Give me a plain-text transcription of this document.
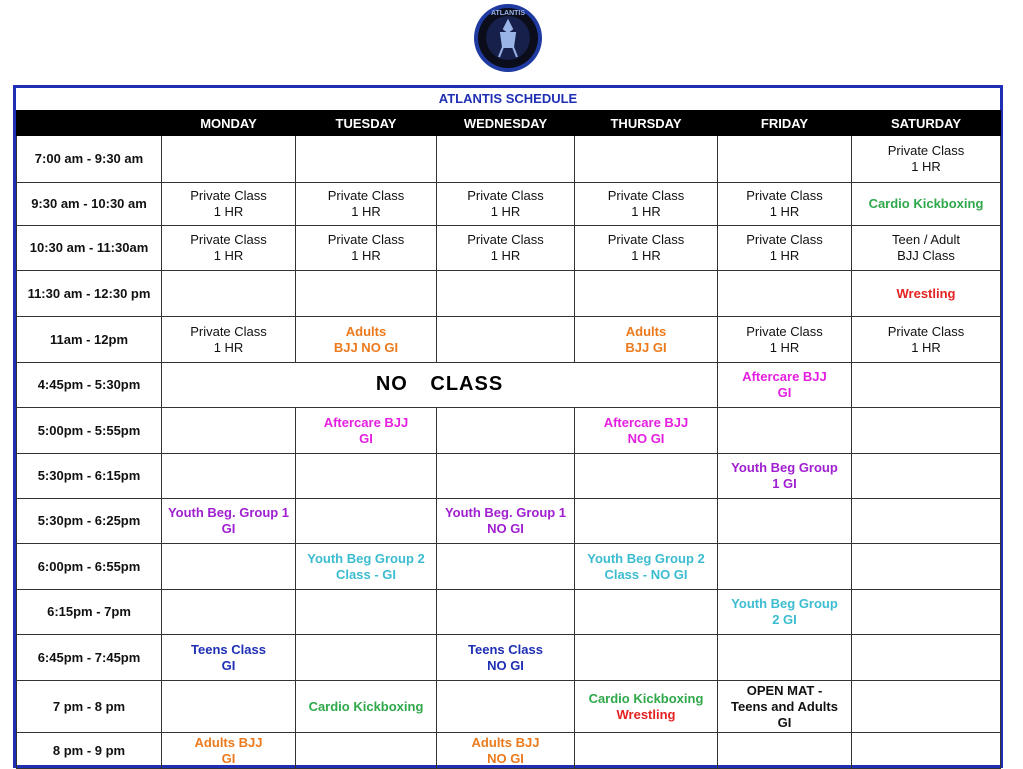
ATLANTIS
ATLANTIS SCHEDULE
	MONDAY	TUESDAY	WEDNESDAY	THURSDAY	FRIDAY	SATURDAY
7:00 am - 9:30 am						Private Class
1 HR

9:30 am - 10:30 am	Private Class
1 HR	Private Class
1 HR	Private Class
1 HR	Private Class
1 HR	Private Class
1 HR	Cardio Kickboxing

10:30 am - 11:30am	Private Class
1 HR	Private Class
1 HR	Private Class
1 HR	Private Class
1 HR	Private Class
1 HR	Teen / Adult
BJJ Class

11:30 am - 12:30 pm						Wrestling

11am - 12pm	Private Class
1 HR	Adults
BJJ NO GI		Adults
BJJ GI	Private Class
1 HR	Private Class
1 HR

4:45pm - 5:30pm	NO CLASS				Aftercare BJJ
GI	

5:00pm - 5:55pm		Aftercare BJJ
GI		Aftercare BJJ
NO GI		

5:30pm - 6:15pm					Youth Beg Group
1 GI	

5:30pm - 6:25pm	Youth Beg. Group 1
GI		Youth Beg. Group 1
NO GI			

6:00pm - 6:55pm		Youth Beg Group 2
Class - GI		Youth Beg Group 2
Class - NO GI		

6:15pm - 7pm					Youth Beg Group
2 GI	

6:45pm - 7:45pm	Teens Class
GI		Teens Class
NO GI			

7 pm - 8 pm		Cardio Kickboxing		Cardio Kickboxing
Wrestling	OPEN MAT -
Teens and Adults
GI	

8 pm - 9 pm	Adults BJJ
GI		Adults BJJ
NO GI			
